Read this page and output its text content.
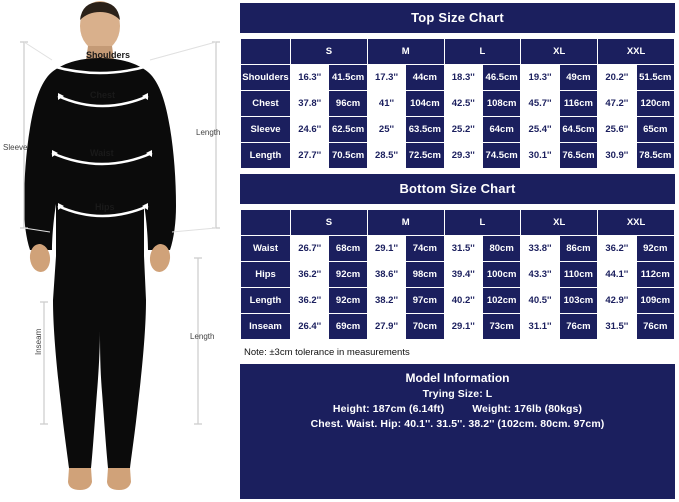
Shoulders
Chest
Waist
Hips
Sleeve
Length
Length
Inseam
Top Size Chart
	S		M		L		XL		XXL	
Shoulders	16.3''	41.5cm	17.3''	44cm	18.3''	46.5cm	19.3''	49cm	20.2''	51.5cm
Chest	37.8''	96cm	41''	104cm	42.5''	108cm	45.7''	116cm	47.2''	120cm
Sleeve	24.6''	62.5cm	25''	63.5cm	25.2''	64cm	25.4''	64.5cm	25.6''	65cm
Length	27.7''	70.5cm	28.5''	72.5cm	29.3''	74.5cm	30.1''	76.5cm	30.9''	78.5cm
Bottom Size Chart
	S		M		L		XL		XXL	
Waist	26.7''	68cm	29.1''	74cm	31.5''	80cm	33.8''	86cm	36.2''	92cm
Hips	36.2''	92cm	38.6''	98cm	39.4''	100cm	43.3''	110cm	44.1''	112cm
Length	36.2''	92cm	38.2''	97cm	40.2''	102cm	40.5''	103cm	42.9''	109cm
Inseam	26.4''	69cm	27.9''	70cm	29.1''	73cm	31.1''	76cm	31.5''	76cm
Note: ±3cm tolerance in measurements
Model Information
Trying Size: L
Height: 187cm (6.14ft)	Weight: 176lb (80kgs)
Chest. Waist. Hip: 40.1''. 31.5''. 38.2'' (102cm. 80cm. 97cm)
